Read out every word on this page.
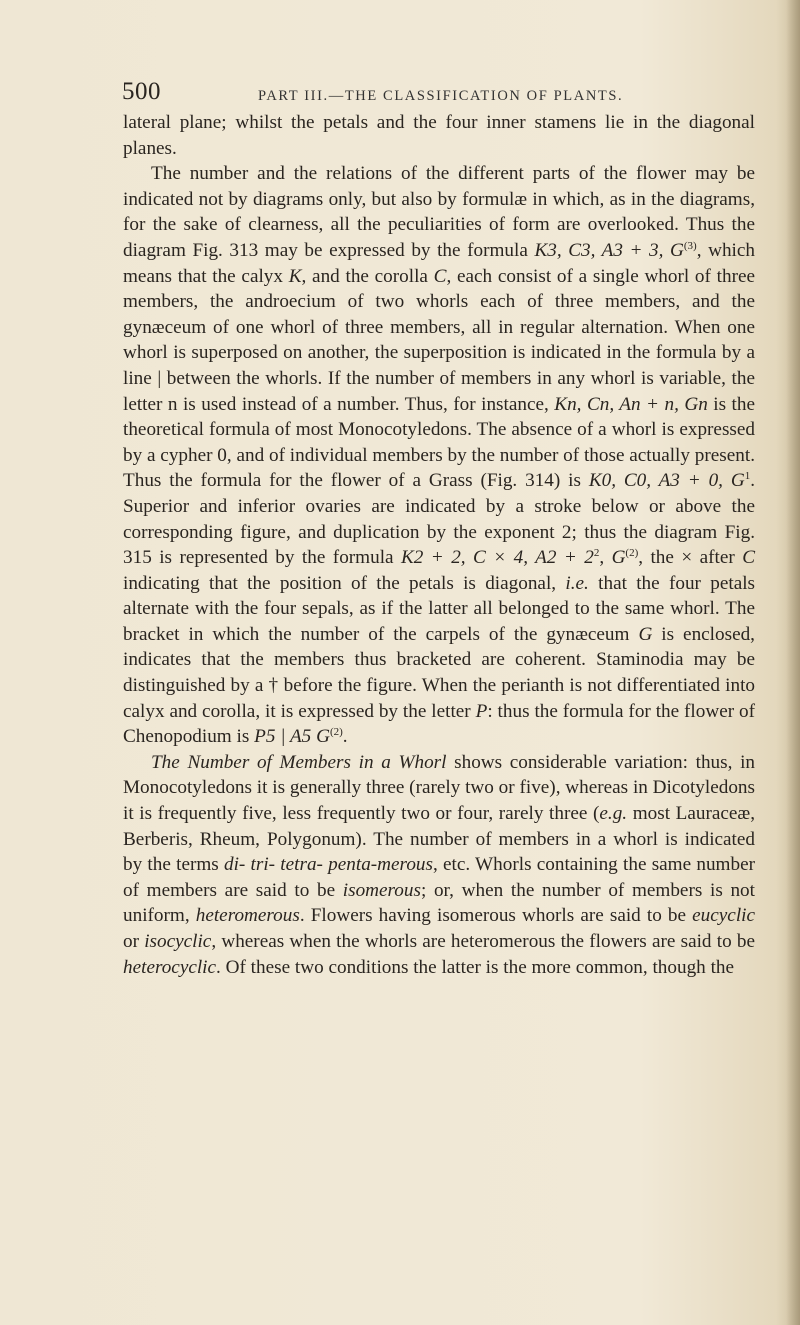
500	PART III.—THE CLASSIFICATION OF PLANTS.

lateral plane; whilst the petals and the four inner stamens lie in the diagonal planes.

The number and the relations of the different parts of the flower may be indicated not by diagrams only, but also by formulæ in which, as in the diagrams, for the sake of clearness, all the peculiarities of form are overlooked. Thus the diagram Fig. 313 may be expressed by the formula K3, C3, A3 + 3, $G^{(3)}$, which means that the calyx K, and the corolla C, each consist of a single whorl of three members, the androecium of two whorls each of three members, and the gynæceum of one whorl of three members, all in regular alternation. When one whorl is superposed on another, the superposition is indicated in the formula by a line | between the whorls. If the number of members in any whorl is variable, the letter n is used instead of a number. Thus, for instance, Kn, Cn, An + n, Gn is the theoretical formula of most Monocotyledons. The absence of a whorl is expressed by a cypher 0, and of individual members by the number of those actually present. Thus the formula for the flower of a Grass (Fig. 314) is K0, C0, A3 + 0, $G^1$. Superior and inferior ovaries are indicated by a stroke below or above the corresponding figure, and duplication by the exponent 2; thus the diagram Fig. 315 is represented by the formula K2 + 2, C × 4, $A2 + 2^2$, $G^{(2)}$, the × after C indicating that the position of the petals is diagonal, i.e. that the four petals alternate with the four sepals, as if the latter all belonged to the same whorl. The bracket in which the number of the carpels of the gynæceum G is enclosed, indicates that the members thus bracketed are coherent. Staminodia may be distinguished by a † before the figure. When the perianth is not differentiated into calyx and corolla, it is expressed by the letter P: thus the formula for the flower of Chenopodium is P5 | A5 $G^{(2)}$.

The Number of Members in a Whorl shows considerable variation: thus, in Monocotyledons it is generally three (rarely two or five), whereas in Dicotyledons it is frequently five, less frequently two or four, rarely three (e.g. most Lauraceæ, Berberis, Rheum, Polygonum). The number of members in a whorl is indicated by the terms di- tri- tetra- penta-merous, etc. Whorls containing the same number of members are said to be isomerous; or, when the number of members is not uniform, heteromerous. Flowers having isomerous whorls are said to be eucyclic or isocyclic, whereas when the whorls are heteromerous the flowers are said to be heterocyclic. Of these two conditions the latter is the more common, though the
